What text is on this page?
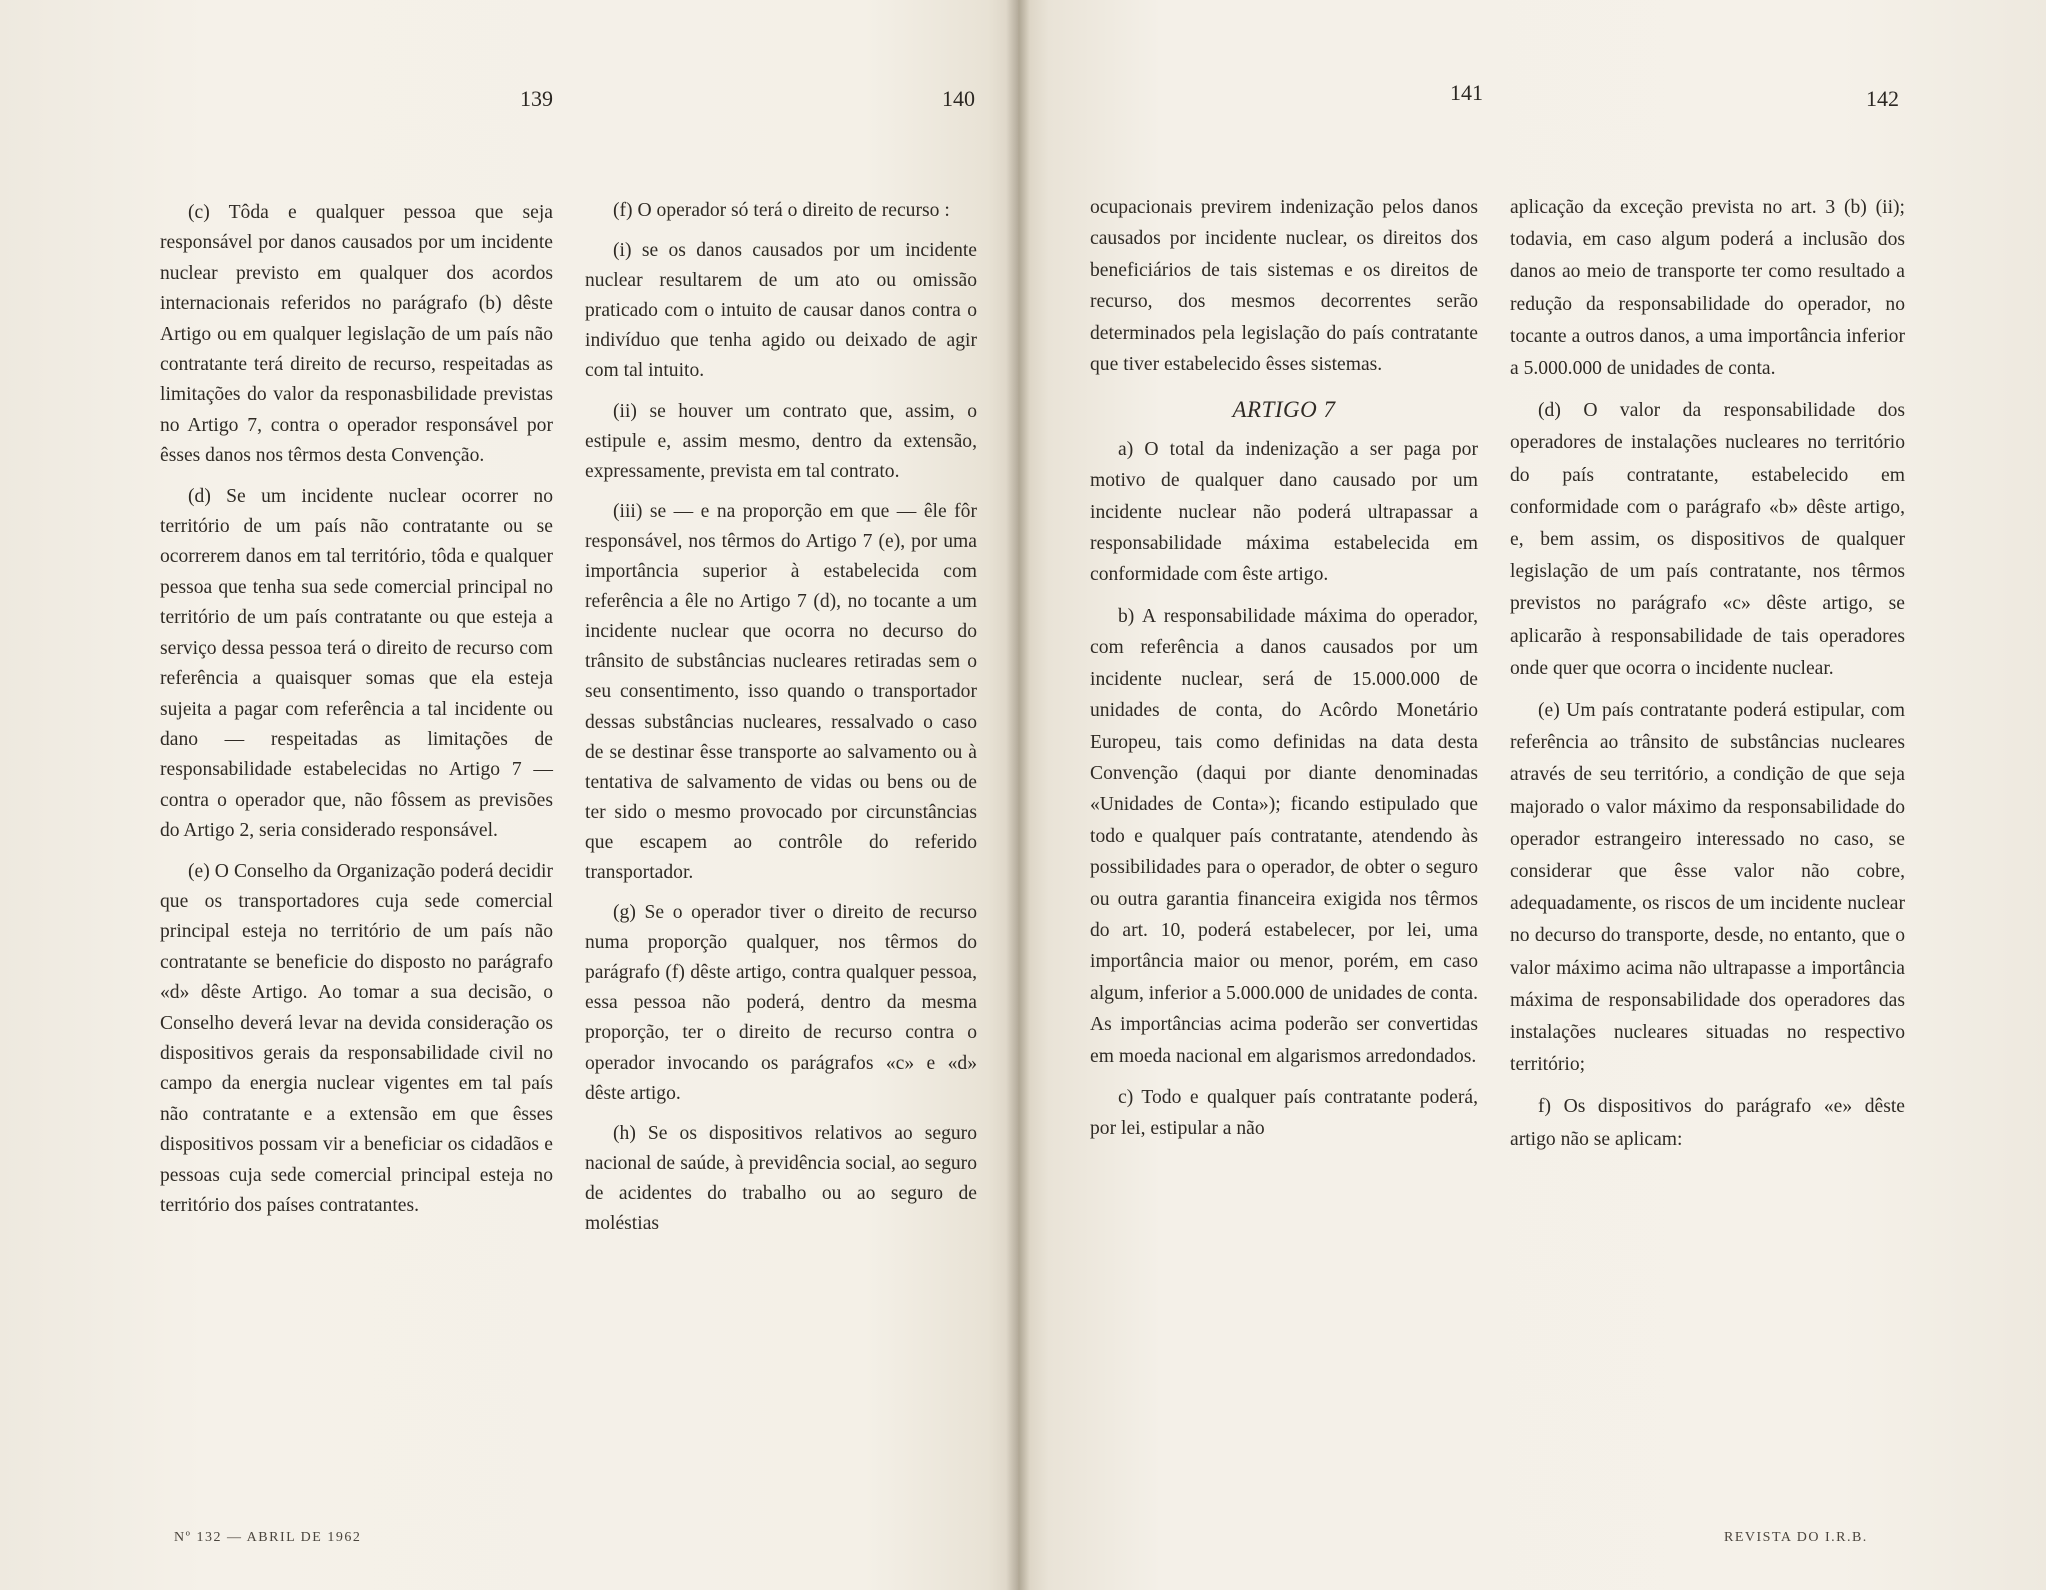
139	140	141	142

(c) Tôda e qualquer pessoa que seja responsável por danos causados por um incidente nuclear previsto em qualquer dos acordos internacionais referidos no parágrafo (b) dêste Artigo ou em qualquer legislação de um país não contratante terá direito de recurso, respeitadas as limitações do valor da responasbilidade previstas no Artigo 7, contra o operador responsável por êsses danos nos têrmos desta Convenção.

(d) Se um incidente nuclear ocorrer no território de um país não contratante ou se ocorrerem danos em tal território, tôda e qualquer pessoa que tenha sua sede comercial principal no território de um país contratante ou que esteja a serviço dessa pessoa terá o direito de recurso com referência a quaisquer somas que ela esteja sujeita a pagar com referência a tal incidente ou dano — respeitadas as limitações de responsabilidade estabelecidas no Artigo 7 — contra o operador que, não fôssem as previsões do Artigo 2, seria considerado responsável.

(e) O Conselho da Organização poderá decidir que os transportadores cuja sede comercial principal esteja no território de um país não contratante se beneficie do disposto no parágrafo «d» dêste Artigo. Ao tomar a sua decisão, o Conselho deverá levar na devida consideração os dispositivos gerais da responsabilidade civil no campo da energia nuclear vigentes em tal país não contratante e a extensão em que êsses dispositivos possam vir a beneficiar os cidadãos e pessoas cuja sede comercial principal esteja no território dos países contratantes.

(f) O operador só terá o direito de recurso :

(i) se os danos causados por um incidente nuclear resultarem de um ato ou omissão praticado com o intuito de causar danos contra o indivíduo que tenha agido ou deixado de agir com tal intuito.

(ii) se houver um contrato que, assim, o estipule e, assim mesmo, dentro da extensão, expressamente, prevista em tal contrato.

(iii) se — e na proporção em que — êle fôr responsável, nos têrmos do Artigo 7 (e), por uma importância superior à estabelecida com referência a êle no Artigo 7 (d), no tocante a um incidente nuclear que ocorra no decurso do trânsito de substâncias nucleares retiradas sem o seu consentimento, isso quando o transportador dessas substâncias nucleares, ressalvado o caso de se destinar êsse transporte ao salvamento ou à tentativa de salvamento de vidas ou bens ou de ter sido o mesmo provocado por circunstâncias que escapem ao contrôle do referido transportador.

(g) Se o operador tiver o direito de recurso numa proporção qualquer, nos têrmos do parágrafo (f) dêste artigo, contra qualquer pessoa, essa pessoa não poderá, dentro da mesma proporção, ter o direito de recurso contra o operador invocando os parágrafos «c» e «d» dêste artigo.

(h) Se os dispositivos relativos ao seguro nacional de saúde, à previdência social, ao seguro de acidentes do trabalho ou ao seguro de moléstias

ocupacionais previrem indenização pelos danos causados por incidente nuclear, os direitos dos beneficiários de tais sistemas e os direitos de recurso, dos mesmos decorrentes serão determinados pela legislação do país contratante que tiver estabelecido êsses sistemas.

ARTIGO 7

a) O total da indenização a ser paga por motivo de qualquer dano causado por um incidente nuclear não poderá ultrapassar a responsabilidade máxima estabelecida em conformidade com êste artigo.

b) A responsabilidade máxima do operador, com referência a danos causados por um incidente nuclear, será de 15.000.000 de unidades de conta, do Acôrdo Monetário Europeu, tais como definidas na data desta Convenção (daqui por diante denominadas «Unidades de Conta»); ficando estipulado que todo e qualquer país contratante, atendendo às possibilidades para o operador, de obter o seguro ou outra garantia financeira exigida nos têrmos do art. 10, poderá estabelecer, por lei, uma importância maior ou menor, porém, em caso algum, inferior a 5.000.000 de unidades de conta. As importâncias acima poderão ser convertidas em moeda nacional em algarismos arredondados.

c) Todo e qualquer país contratante poderá, por lei, estipular a não

aplicação da exceção prevista no art. 3 (b) (ii); todavia, em caso algum poderá a inclusão dos danos ao meio de transporte ter como resultado a redução da responsabilidade do operador, no tocante a outros danos, a uma importância inferior a 5.000.000 de unidades de conta.

(d) O valor da responsabilidade dos operadores de instalações nucleares no território do país contratante, estabelecido em conformidade com o parágrafo «b» dêste artigo, e, bem assim, os dispositivos de qualquer legislação de um país contratante, nos têrmos previstos no parágrafo «c» dêste artigo, se aplicarão à responsabilidade de tais operadores onde quer que ocorra o incidente nuclear.

(e) Um país contratante poderá estipular, com referência ao trânsito de substâncias nucleares através de seu território, a condição de que seja majorado o valor máximo da responsabilidade do operador estrangeiro interessado no caso, se considerar que êsse valor não cobre, adequadamente, os riscos de um incidente nuclear no decurso do transporte, desde, no entanto, que o valor máximo acima não ultrapasse a importância máxima de responsabilidade dos operadores das instalações nucleares situadas no respectivo território;

f) Os dispositivos do parágrafo «e» dêste artigo não se aplicam:

Nº 132 — ABRIL DE 1962	REVISTA DO I.R.B.
